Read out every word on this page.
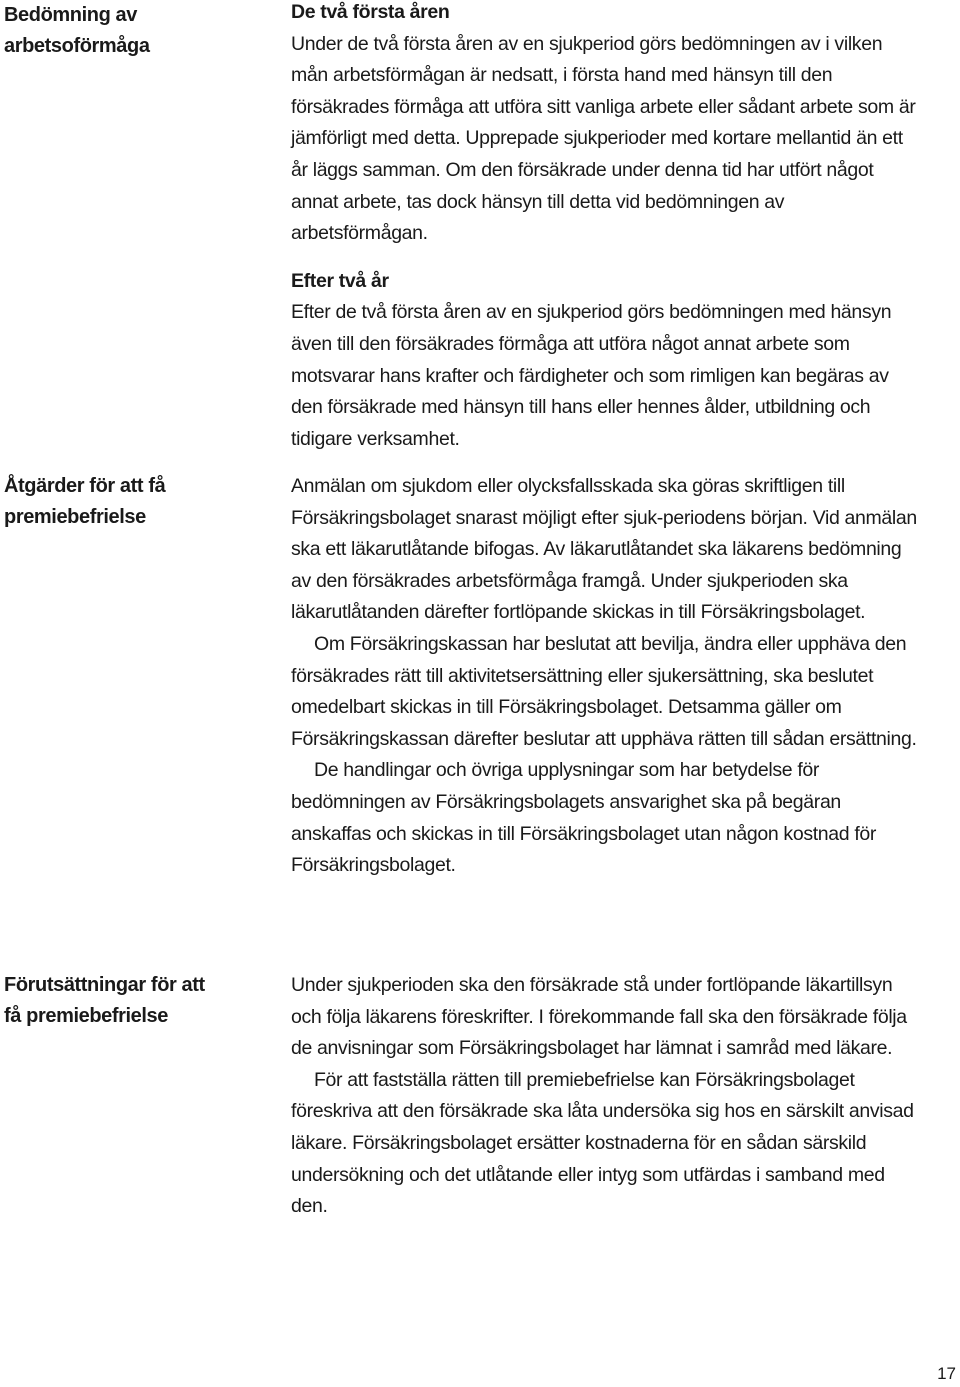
Bedömning av
arbetsoförmåga
Åtgärder för att få
premiebefrielse
Förutsättningar för att
få premiebefrielse

De två första åren

Under de två första åren av en sjukperiod görs bedömningen av i vilken mån arbetsförmågan är nedsatt, i första hand med hänsyn till den försäkrades förmåga att utföra sitt vanliga arbete eller sådant arbete som är jämförligt med detta. Upprepade sjukperioder med kortare mellantid än ett år läggs samman. Om den försäkrade under denna tid har utfört något annat arbete, tas dock hänsyn till detta vid bedömningen av arbetsförmågan.

Efter två år

Efter de två första åren av en sjukperiod görs bedömningen med hänsyn även till den försäkrades förmåga att utföra något annat arbete som motsvarar hans krafter och färdigheter och som rimligen kan begäras av den försäkrade med hänsyn till hans eller hennes ålder, utbildning och tidigare verksamhet.

Anmälan om sjukdom eller olycksfallsskada ska göras skriftligen till Försäkringsbolaget snarast möjligt efter sjuk-periodens början. Vid anmälan ska ett läkarutlåtande bifogas. Av läkarutlåtandet ska läkarens bedömning av den försäkrades arbetsförmåga framgå. Under sjukperioden ska läkarutlåtanden därefter fortlöpande skickas in till Försäkringsbolaget.

Om Försäkringskassan har beslutat att bevilja, ändra eller upphäva den försäkrades rätt till aktivitetsersättning eller sjukersättning, ska beslutet omedelbart skickas in till Försäkringsbolaget. Detsamma gäller om Försäkringskassan därefter beslutar att upphäva rätten till sådan ersättning.

De handlingar och övriga upplysningar som har betydelse för bedömningen av Försäkringsbolagets ansvarighet ska på begäran anskaffas och skickas in till Försäkringsbolaget utan någon kostnad för Försäkringsbolaget.

Under sjukperioden ska den försäkrade stå under fortlöpande läkartillsyn och följa läkarens föreskrifter. I förekommande fall ska den försäkrade följa de anvisningar som Försäkringsbolaget har lämnat i samråd med läkare.

För att fastställa rätten till premiebefrielse kan Försäkringsbolaget föreskriva att den försäkrade ska låta undersöka sig hos en särskilt anvisad läkare. Försäkringsbolaget ersätter kostnaderna för en sådan särskild undersökning och det utlåtande eller intyg som utfärdas i samband med den.

17
